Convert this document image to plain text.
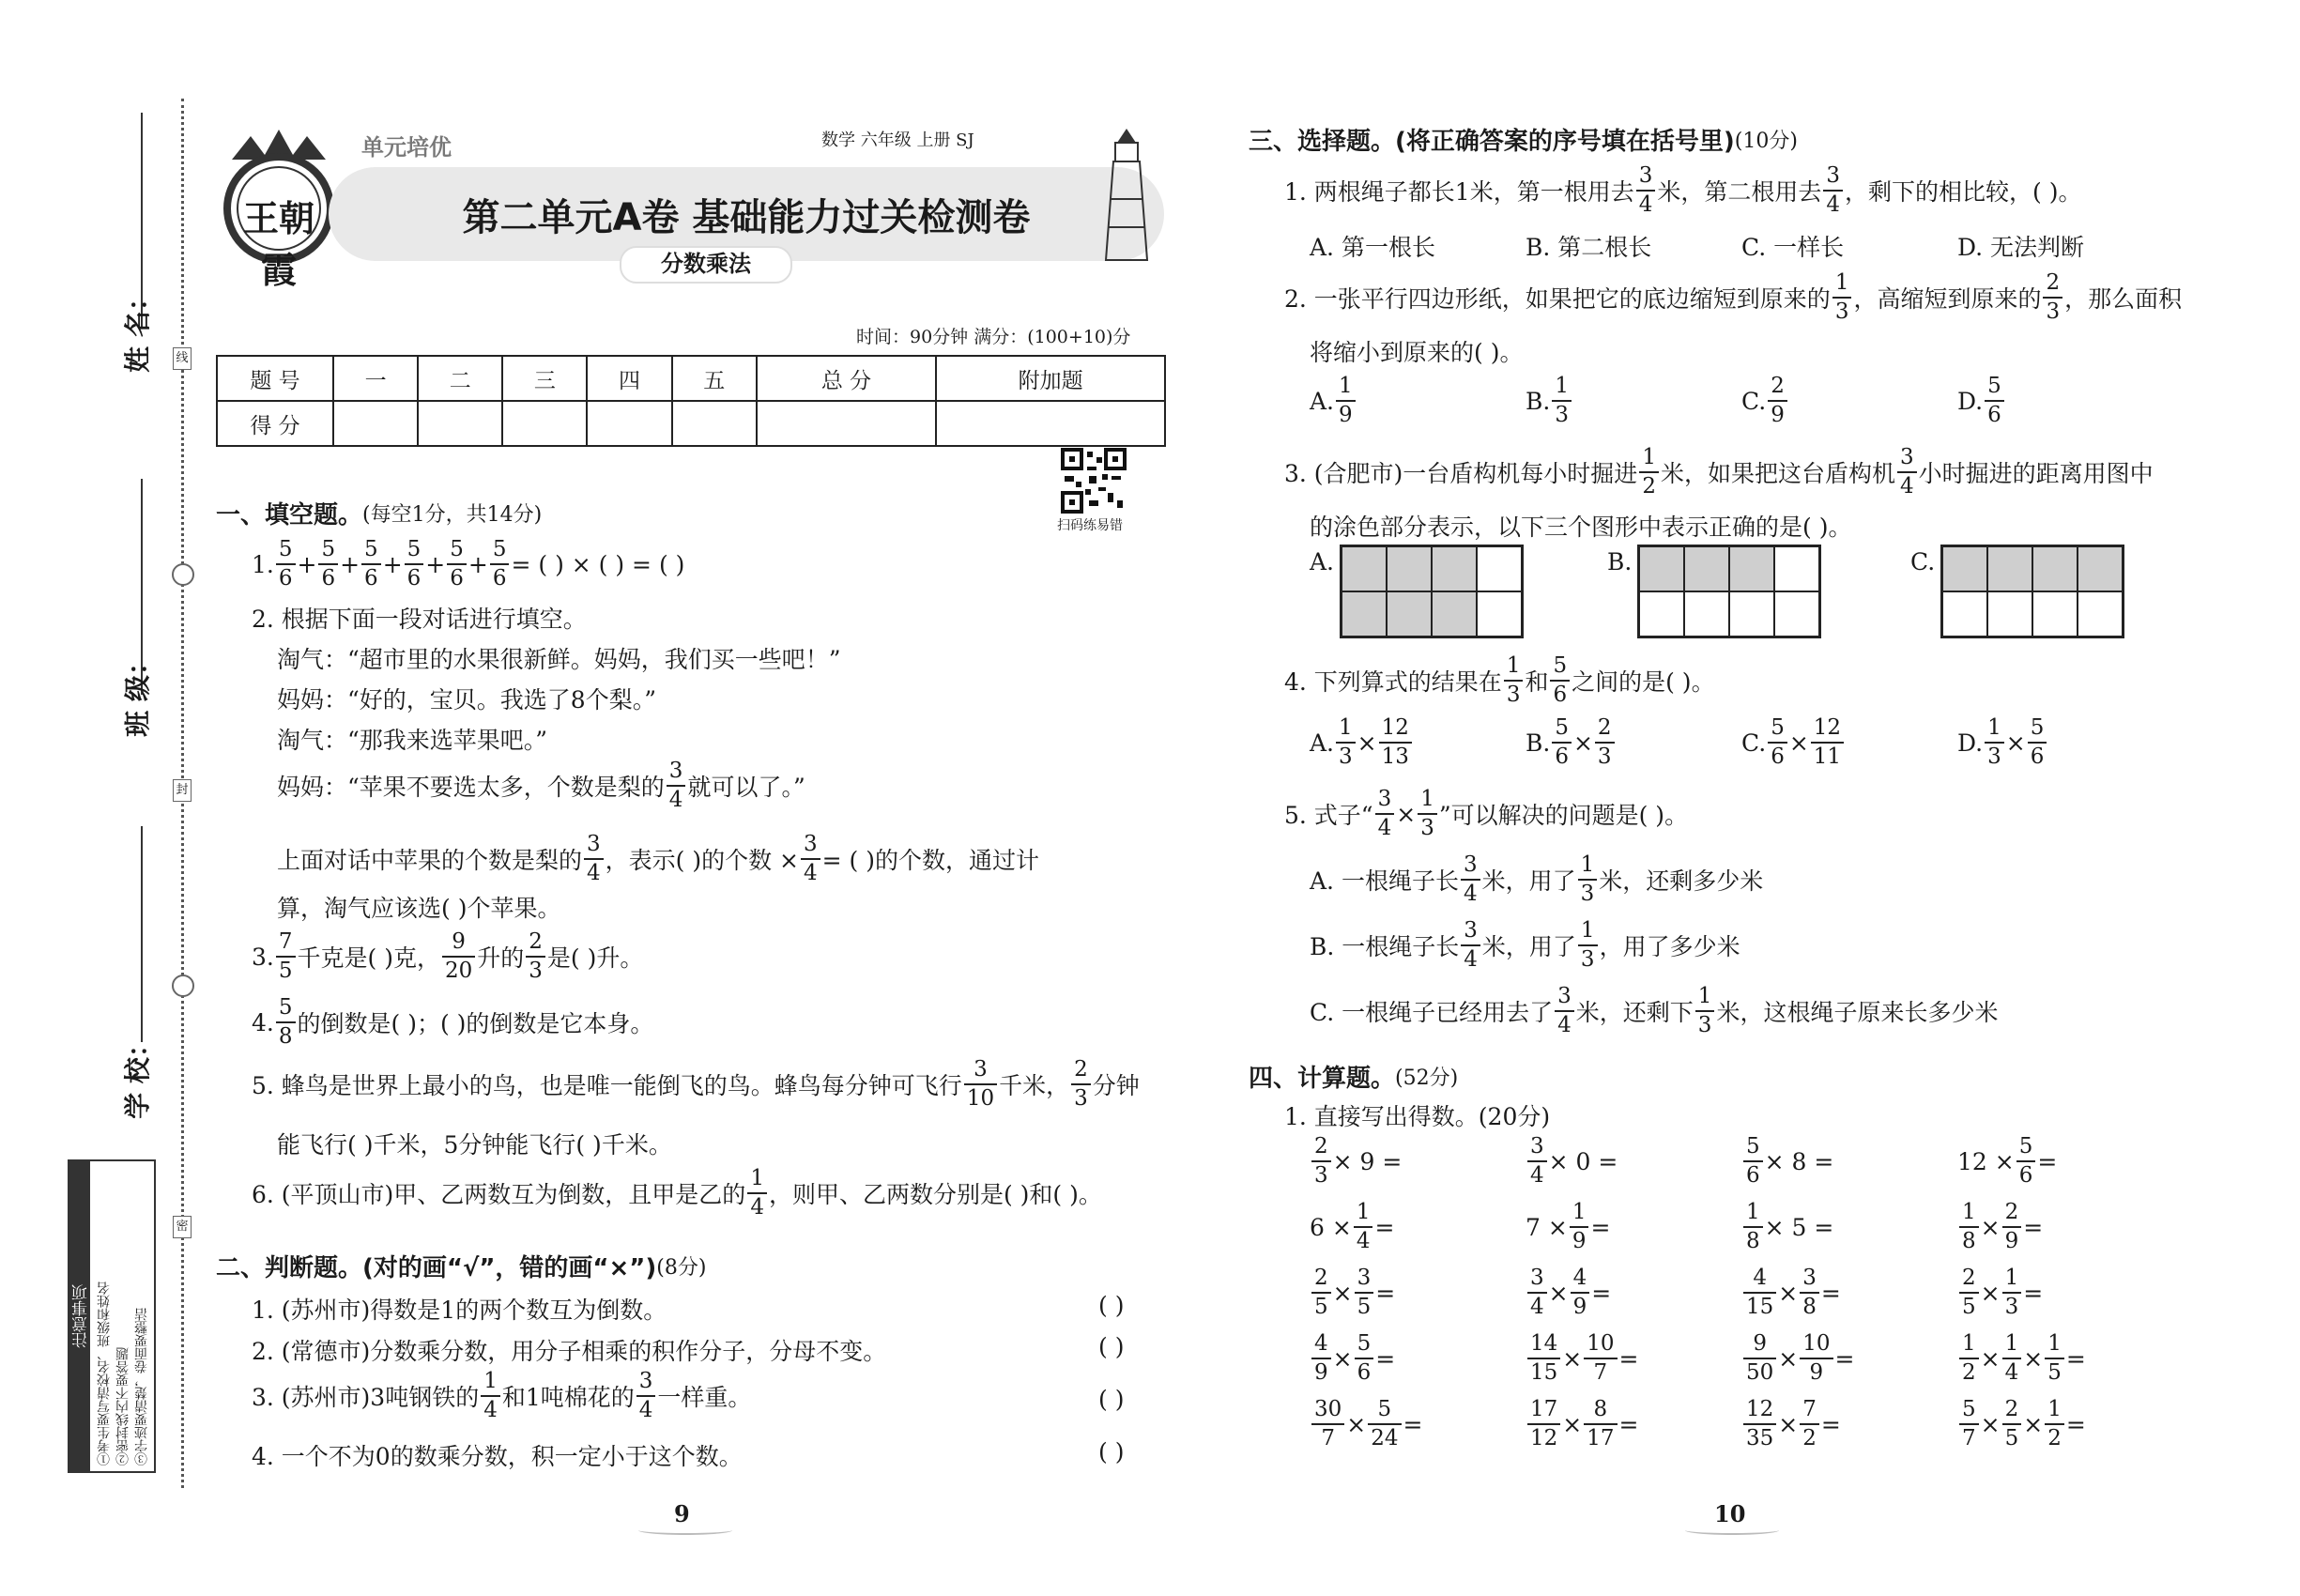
线
封
密
姓 名：
班 级：
学 校：
注意事项 ①考生要写清校名、班级和姓名 ②密封线内不要答题 ③字迹要清楚，卷面要整洁
王朝霞
单元培优	数学 六年级 上册 SJ
第二单元A卷 基础能力过关检测卷
分数乘法
时间：90分钟 满分：(100+10)分
题 号	一	二	三	四	五	总 分	附加题
得 分							
扫码练易错
一、填空题。 (每空1分，共14分)
1.
5
6
+ $\frac{5}{6} + \frac{5}{6} + \frac{5}{6} + \frac{5}{6} + \frac{5}{6}$ = ( ) × ( ) = ( )
2. 根据下面一段对话进行填空。
淘气：“超市里的水果很新鲜。妈妈，我们买一些吧！”
妈妈：“好的，宝贝。我选了8个梨。”
淘气：“那我来选苹果吧。”
妈妈：“苹果不要选太多，个数是梨的
3
4 就可以了。”
上面对话中苹果的个数是梨的
3
4 ，表示( )的个数 × $\frac{3}{4}$ = ( )的个数，通过计
算，淘气应该选( )个苹果。
3.
7
5 千克是( )克，
9
20 升的
2
3 是( )升。
4.
5
8 的倒数是( )；( )的倒数是它本身。
5. 蜂鸟是世界上最小的鸟，也是唯一能倒飞的鸟。蜂鸟每分钟可飞行
3
10 千米，
2
3 分钟
能飞行( )千米，5分钟能飞行( )千米。
6. (平顶山市)甲、乙两数互为倒数，且甲是乙的
1
4 ，则甲、乙两数分别是( )和( )。
二、判断题。(对的画“√”，错的画“×”) (8分)
1. (苏州市)得数是1的两个数互为倒数。	( )
2. (常德市)分数乘分数，用分子相乘的积作分子，分母不变。	( )
3. (苏州市)3吨钢铁的
1
4 和1吨棉花的
3
4 一样重。	( )
4. 一个不为0的数乘分数，积一定小于这个数。	( )
9
三、选择题。(将正确答案的序号填在括号里) (10分)
1. 两根绳子都长1米，第一根用去
3
4 米，第二根用去
3
4 ，剩下的相比较，( )。
A. 第一根长	B. 第二根长	C. 一样长	D. 无法判断
2. 一张平行四边形纸，如果把它的底边缩短到原来的
1
3 ，高缩短到原来的
2
3 ，那么面积
将缩小到原来的( )。
A.
1
9
B.
1
3
C.
2
9
D.
5
6
3. (合肥市)一台盾构机每小时掘进
1
2 米，如果把这台盾构机
3
4 小时掘进的距离用图中
的涂色部分表示，以下三个图形中表示正确的是( )。
A.	B.	C.
4. 下列算式的结果在
1
3 和
5
6 之间的是( )。
A. $\frac{1}{3} \times \frac{12}{13}$	B. $\frac{5}{6} \times \frac{2}{3}$	C. $\frac{5}{6} \times \frac{12}{11}$	D. $\frac{1}{3} \times \frac{5}{6}$
5. 式子“ $\frac{3}{4} \times \frac{1}{3}$ ”可以解决的问题是( )。
A. 一根绳子长
3
4 米，用了
1
3 米，还剩多少米
B. 一根绳子长
3
4 米，用了
1
3 ，用了多少米
C. 一根绳子已经用去了
3
4 米，还剩下
1
3 米，这根绳子原来长多少米
四、计算题。 (52分)
1. 直接写出得数。(20分)
$\frac{2}{3} \times 9$ =	$\frac{3}{4} \times 0$ =	$\frac{5}{6} \times 8$ =	$12 \times \frac{5}{6}$ =
$6 \times \frac{1}{4}$ =	$7 \times \frac{1}{9}$ =	$\frac{1}{8} \times 5$ =	$\frac{1}{8} \times \frac{2}{9}$ =
$\frac{2}{5} \times \frac{3}{5}$ =	$\frac{3}{4} \times \frac{4}{9}$ =	$\frac{4}{15} \times \frac{3}{8}$ =	$\frac{2}{5} \times \frac{1}{3}$ =
$\frac{4}{9} \times \frac{5}{6}$ =	$\frac{14}{15} \times \frac{10}{7}$ =	$\frac{9}{50} \times \frac{10}{9}$ =	$\frac{1}{2} \times \frac{1}{4} \times \frac{1}{5}$ =
$\frac{30}{7} \times \frac{5}{24}$ =	$\frac{17}{12} \times \frac{8}{17}$ =	$\frac{12}{35} \times \frac{7}{2}$ =	$\frac{5}{7} \times \frac{2}{5} \times \frac{1}{2}$ =
10
